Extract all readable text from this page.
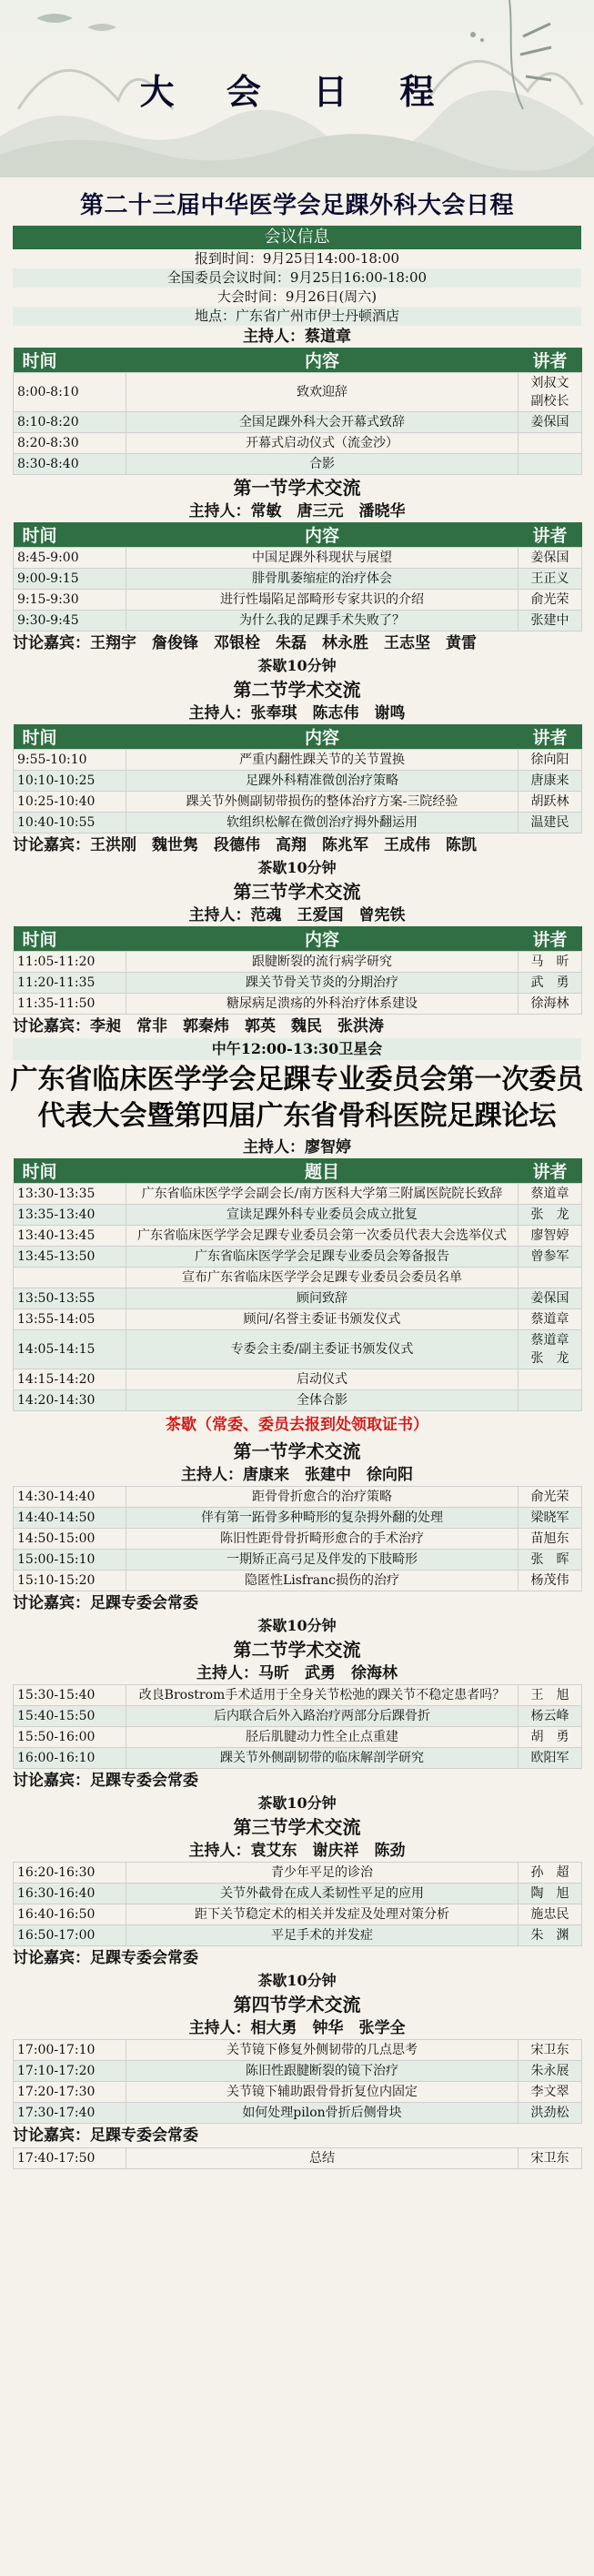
大 会 日 程
第二十三届中华医学会足踝外科大会日程
会议信息
报到时间：9月25日14:00-18:00
全国委员会议时间：9月25日16:00-18:00
大会时间：9月26日(周六)
地点：广东省广州市伊士丹顿酒店
主持人：蔡道章
时间	内容	讲者
8:00-8:10	致欢迎辞	刘叔文
副校长
8:10-8:20	全国足踝外科大会开幕式致辞	姜保国
8:20-8:30	开幕式启动仪式（流金沙）	
8:30-8:40	合影	
第一节学术交流
主持人：常敏　唐三元　潘晓华
时间	内容	讲者
8:45-9:00	中国足踝外科现状与展望	姜保国
9:00-9:15	腓骨肌萎缩症的治疗体会	王正义
9:15-9:30	进行性塌陷足部畸形专家共识的介绍	俞光荣
9:30-9:45	为什么我的足踝手术失败了？	张建中
讨论嘉宾：王翔宇　詹俊锋　邓银栓　朱磊　林永胜　王志坚　黄雷
茶歇10分钟
第二节学术交流
主持人：张奉琪　陈志伟　谢鸣
时间	内容	讲者
9:55-10:10	严重内翻性踝关节的关节置换	徐向阳
10:10-10:25	足踝外科精准微创治疗策略	唐康来
10:25-10:40	踝关节外侧副韧带损伤的整体治疗方案-三院经验	胡跃林
10:40-10:55	软组织松解在微创治疗拇外翻运用	温建民
讨论嘉宾：王洪刚　魏世隽　段德伟　高翔　陈兆军　王成伟　陈凯
茶歇10分钟
第三节学术交流
主持人：范魂　王爱国　曾宪铁
时间	内容	讲者
11:05-11:20	跟腱断裂的流行病学研究	马　昕
11:20-11:35	踝关节骨关节炎的分期治疗	武　勇
11:35-11:50	糖尿病足溃疡的外科治疗体系建设	徐海林
讨论嘉宾：李昶　常非　郭秦炜　郭英　魏民　张洪涛
中午12:00-13:30卫星会
广东省临床医学学会足踝专业委员会第一次委员代表大会暨第四届广东省骨科医院足踝论坛
主持人：廖智婷
时间	题目	讲者
13:30-13:35	广东省临床医学学会副会长/南方医科大学第三附属医院院长致辞	蔡道章
13:35-13:40	宣读足踝外科专业委员会成立批复	张　龙
13:40-13:45	广东省临床医学学会足踝专业委员会第一次委员代表大会选举仪式	廖智婷
13:45-13:50	广东省临床医学学会足踝专业委员会筹备报告	曾参军
	宣布广东省临床医学学会足踝专业委员会委员名单	
13:50-13:55	顾问致辞	姜保国
13:55-14:05	顾问/名誉主委证书颁发仪式	蔡道章
14:05-14:15	专委会主委/副主委证书颁发仪式	蔡道章
张　龙
14:15-14:20	启动仪式	
14:20-14:30	全体合影	
茶歇（常委、委员去报到处领取证书）
第一节学术交流
主持人：唐康来　张建中　徐向阳
14:30-14:40	距骨骨折愈合的治疗策略	俞光荣
14:40-14:50	伴有第一跖骨多种畸形的复杂拇外翻的处理	梁晓军
14:50-15:00	陈旧性距骨骨折畸形愈合的手术治疗	苗旭东
15:00-15:10	一期矫正高弓足及伴发的下肢畸形	张　晖
15:10-15:20	隐匿性Lisfranc损伤的治疗	杨茂伟
讨论嘉宾：足踝专委会常委
茶歇10分钟
第二节学术交流
主持人：马昕　武勇　徐海林
15:30-15:40	改良Brostrom手术适用于全身关节松弛的踝关节不稳定患者吗？	王　旭
15:40-15:50	后内联合后外入路治疗两部分后踝骨折	杨云峰
15:50-16:00	胫后肌腱动力性全止点重建	胡　勇
16:00-16:10	踝关节外侧副韧带的临床解剖学研究	欧阳军
讨论嘉宾：足踝专委会常委
茶歇10分钟
第三节学术交流
主持人：袁艾东　谢庆祥　陈劲
16:20-16:30	青少年平足的诊治	孙　超
16:30-16:40	关节外截骨在成人柔韧性平足的应用	陶　旭
16:40-16:50	距下关节稳定术的相关并发症及处理对策分析	施忠民
16:50-17:00	平足手术的并发症	朱　渊
讨论嘉宾：足踝专委会常委
茶歇10分钟
第四节学术交流
主持人：相大勇　钟华　张学全
17:00-17:10	关节镜下修复外侧韧带的几点思考	宋卫东
17:10-17:20	陈旧性跟腱断裂的镜下治疗	朱永展
17:20-17:30	关节镜下辅助跟骨骨折复位内固定	李文翠
17:30-17:40	如何处理pilon骨折后侧骨块	洪劲松
讨论嘉宾：足踝专委会常委
17:40-17:50	总结	宋卫东
